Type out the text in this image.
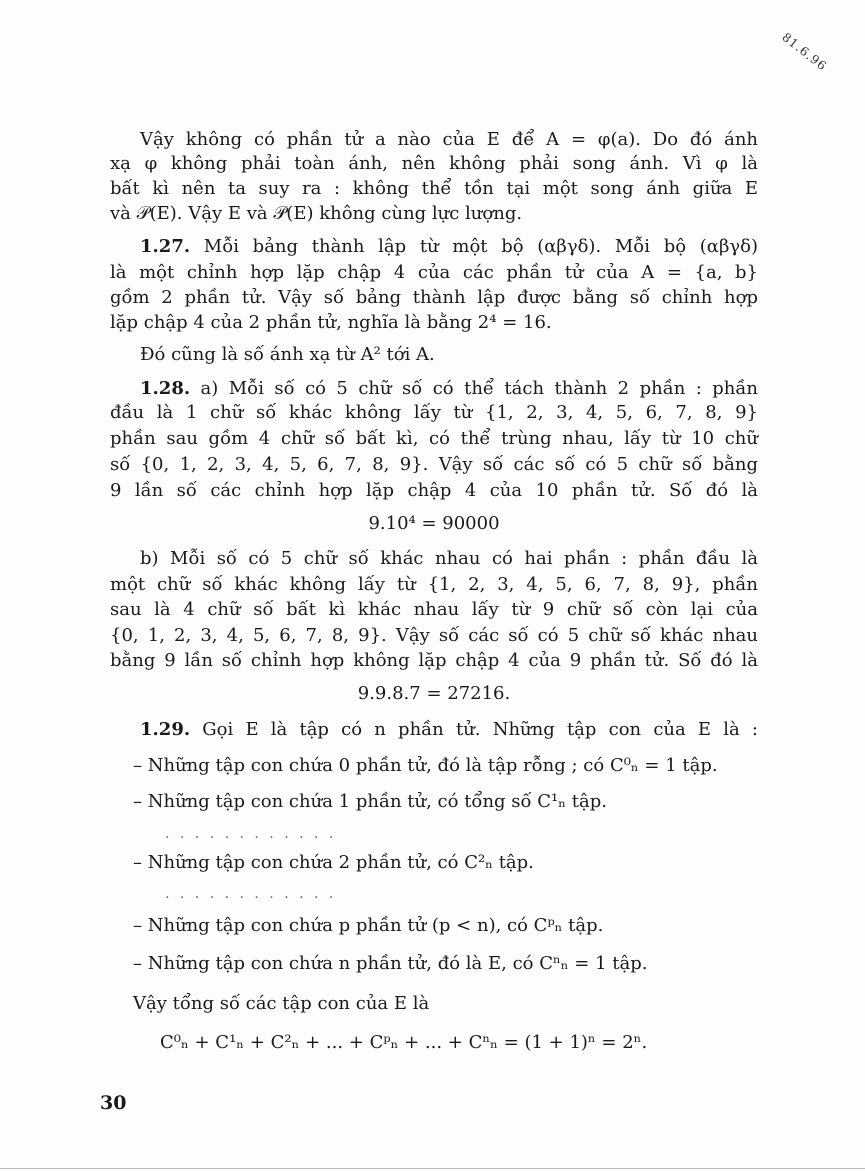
81.6.96
Vậy không có phần tử a nào của E để A = φ(a). Do đó ánh
xạ φ không phải toàn ánh, nên không phải song ánh. Vì φ là
bất kì nên ta suy ra : không thể tồn tại một song ánh giữa E
và 𝒫(E). Vậy E và 𝒫(E) không cùng lực lượng.
1.27. Mỗi bảng thành lập từ một bộ (αβγδ). Mỗi bộ (αβγδ)
là một chỉnh hợp lặp chập 4 của các phần tử của A = {a, b}
gồm 2 phần tử. Vậy số bảng thành lập được bằng số chỉnh hợp
lặp chập 4 của 2 phần tử, nghĩa là bằng 2⁴ = 16.
Đó cũng là số ánh xạ từ A² tới A.
1.28. a) Mỗi số có 5 chữ số có thể tách thành 2 phần : phần
đầu là 1 chữ số khác không lấy từ {1, 2, 3, 4, 5, 6, 7, 8, 9}
phần sau gồm 4 chữ số bất kì, có thể trùng nhau, lấy từ 10 chữ
số {0, 1, 2, 3, 4, 5, 6, 7, 8, 9}. Vậy số các số có 5 chữ số bằng
9 lần số các chỉnh hợp lặp chập 4 của 10 phần tử. Số đó là
9.10⁴ = 90000
b) Mỗi số có 5 chữ số khác nhau có hai phần : phần đầu là
một chữ số khác không lấy từ {1, 2, 3, 4, 5, 6, 7, 8, 9}, phần
sau là 4 chữ số bất kì khác nhau lấy từ 9 chữ số còn lại của
{0, 1, 2, 3, 4, 5, 6, 7, 8, 9}. Vậy số các số có 5 chữ số khác nhau
bằng 9 lần số chỉnh hợp không lặp chập 4 của 9 phần tử. Số đó là
9.9.8.7 = 27216.
1.29. Gọi E là tập có n phần tử. Những tập con của E là :
– Những tập con chứa 0 phần tử, đó là tập rỗng ; có C⁰ₙ = 1 tập.
– Những tập con chứa 1 phần tử, có tổng số C¹ₙ tập.
. . . . . . . . . . . .
– Những tập con chứa 2 phần tử, có C²ₙ tập.
. . . . . . . . . . . .
– Những tập con chứa p phần tử (p < n), có Cᵖₙ tập.
– Những tập con chứa n phần tử, đó là E, có Cⁿₙ = 1 tập.
Vậy tổng số các tập con của E là
C⁰ₙ + C¹ₙ + C²ₙ + ... + Cᵖₙ + ... + Cⁿₙ = (1 + 1)ⁿ = 2ⁿ.
30
